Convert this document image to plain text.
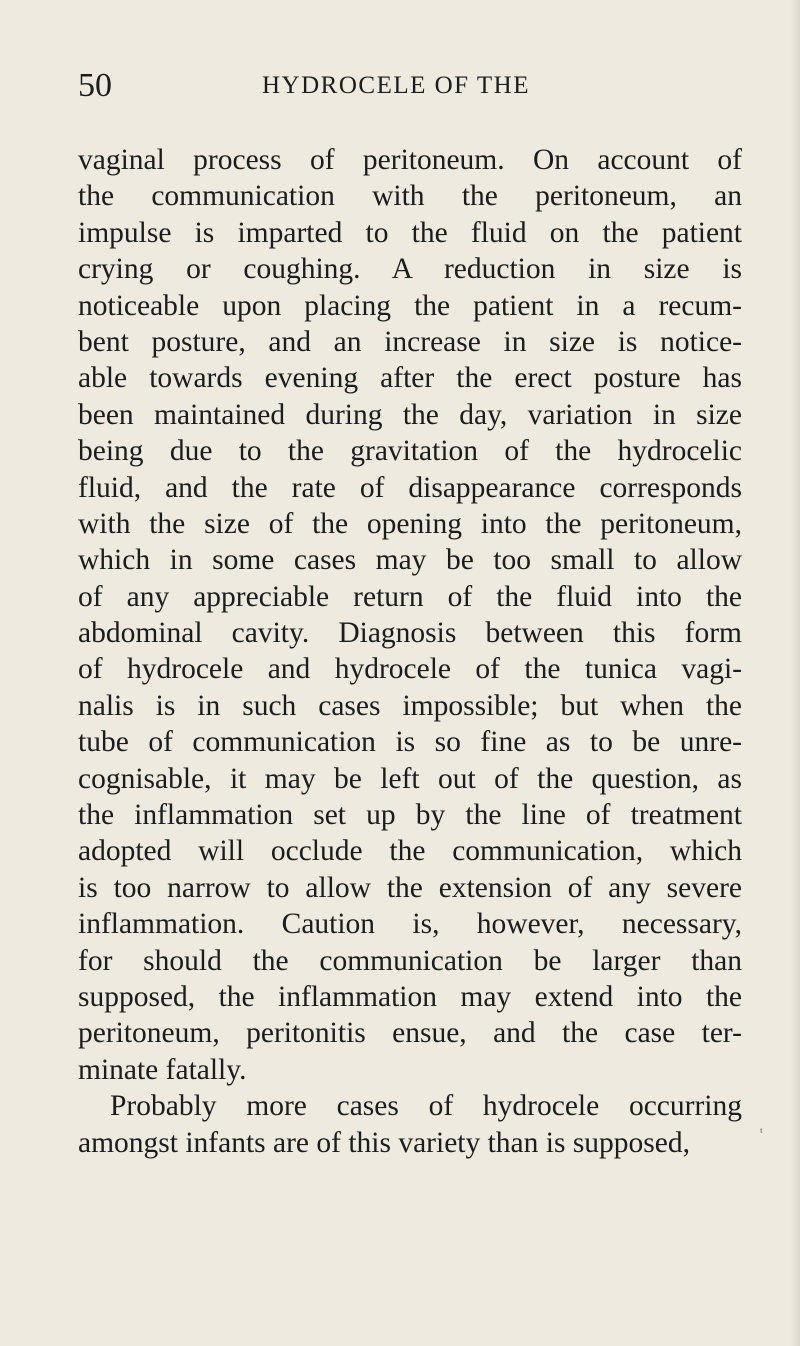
50	HYDROCELE OF THE
vaginal process of peritoneum. On account of
the communication with the peritoneum, an
impulse is imparted to the fluid on the patient
crying or coughing. A reduction in size is
noticeable upon placing the patient in a recum-
bent posture, and an increase in size is notice-
able towards evening after the erect posture has
been maintained during the day, variation in size
being due to the gravitation of the hydrocelic
fluid, and the rate of disappearance corresponds
with the size of the opening into the peritoneum,
which in some cases may be too small to allow
of any appreciable return of the fluid into the
abdominal cavity. Diagnosis between this form
of hydrocele and hydrocele of the tunica vagi-
nalis is in such cases impossible; but when the
tube of communication is so fine as to be unre-
cognisable, it may be left out of the question, as
the inflammation set up by the line of treatment
adopted will occlude the communication, which
is too narrow to allow the extension of any severe
inflammation. Caution is, however, necessary,
for should the communication be larger than
supposed, the inflammation may extend into the
peritoneum, peritonitis ensue, and the case ter-
minate fatally.
Probably more cases of hydrocele occurring
amongst infants are of this variety than is supposed,	ᵗ
